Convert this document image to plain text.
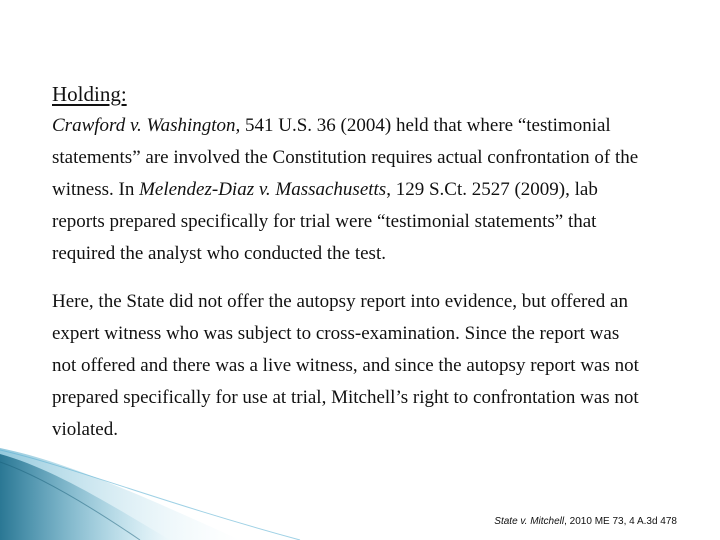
Holding:

Crawford v. Washington, 541 U.S. 36 (2004) held that where “testimonial
statements” are involved the Constitution requires actual confrontation of the
witness. In Melendez-Diaz v. Massachusetts, 129 S.Ct. 2527 (2009), lab
reports prepared specifically for trial were “testimonial statements” that
required the analyst who conducted the test.

Here, the State did not offer the autopsy report into evidence, but offered an
expert witness who was subject to cross-examination. Since the report was
not offered and there was a live witness, and since the autopsy report was not
prepared specifically for use at trial, Mitchell’s right to confrontation was not
violated.

State v. Mitchell, 2010 ME 73, 4 A.3d 478
